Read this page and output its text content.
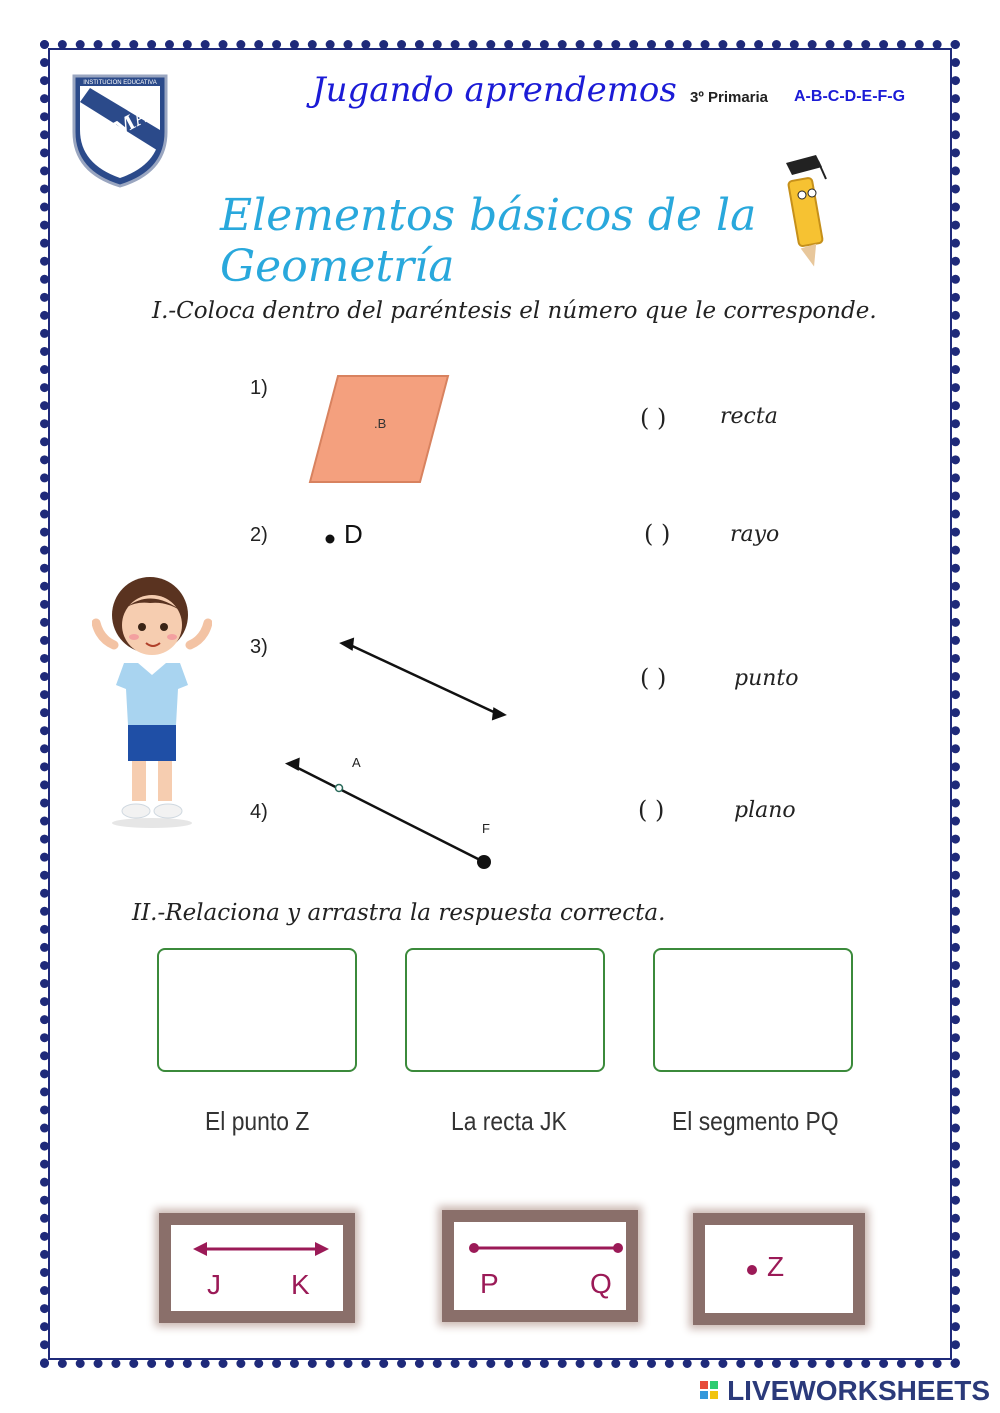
INSTITUCION EDUCATIVA
CIMA
Jugando aprendemos 3º Primaria A-B-C-D-E-F-G
Elementos básicos de la Geometría
I.-Coloca dentro del paréntesis el número que le corresponde.
1)
2)
3)
4)
.B
D
A
F
( ) recta
( )	rayo
( )	punto
( )	plano
II.-Relaciona y arrastra la respuesta correcta.
El punto Z	La recta JK	El segmento PQ
J	K	P	Q
Z
LIVEWORKSHEETS
